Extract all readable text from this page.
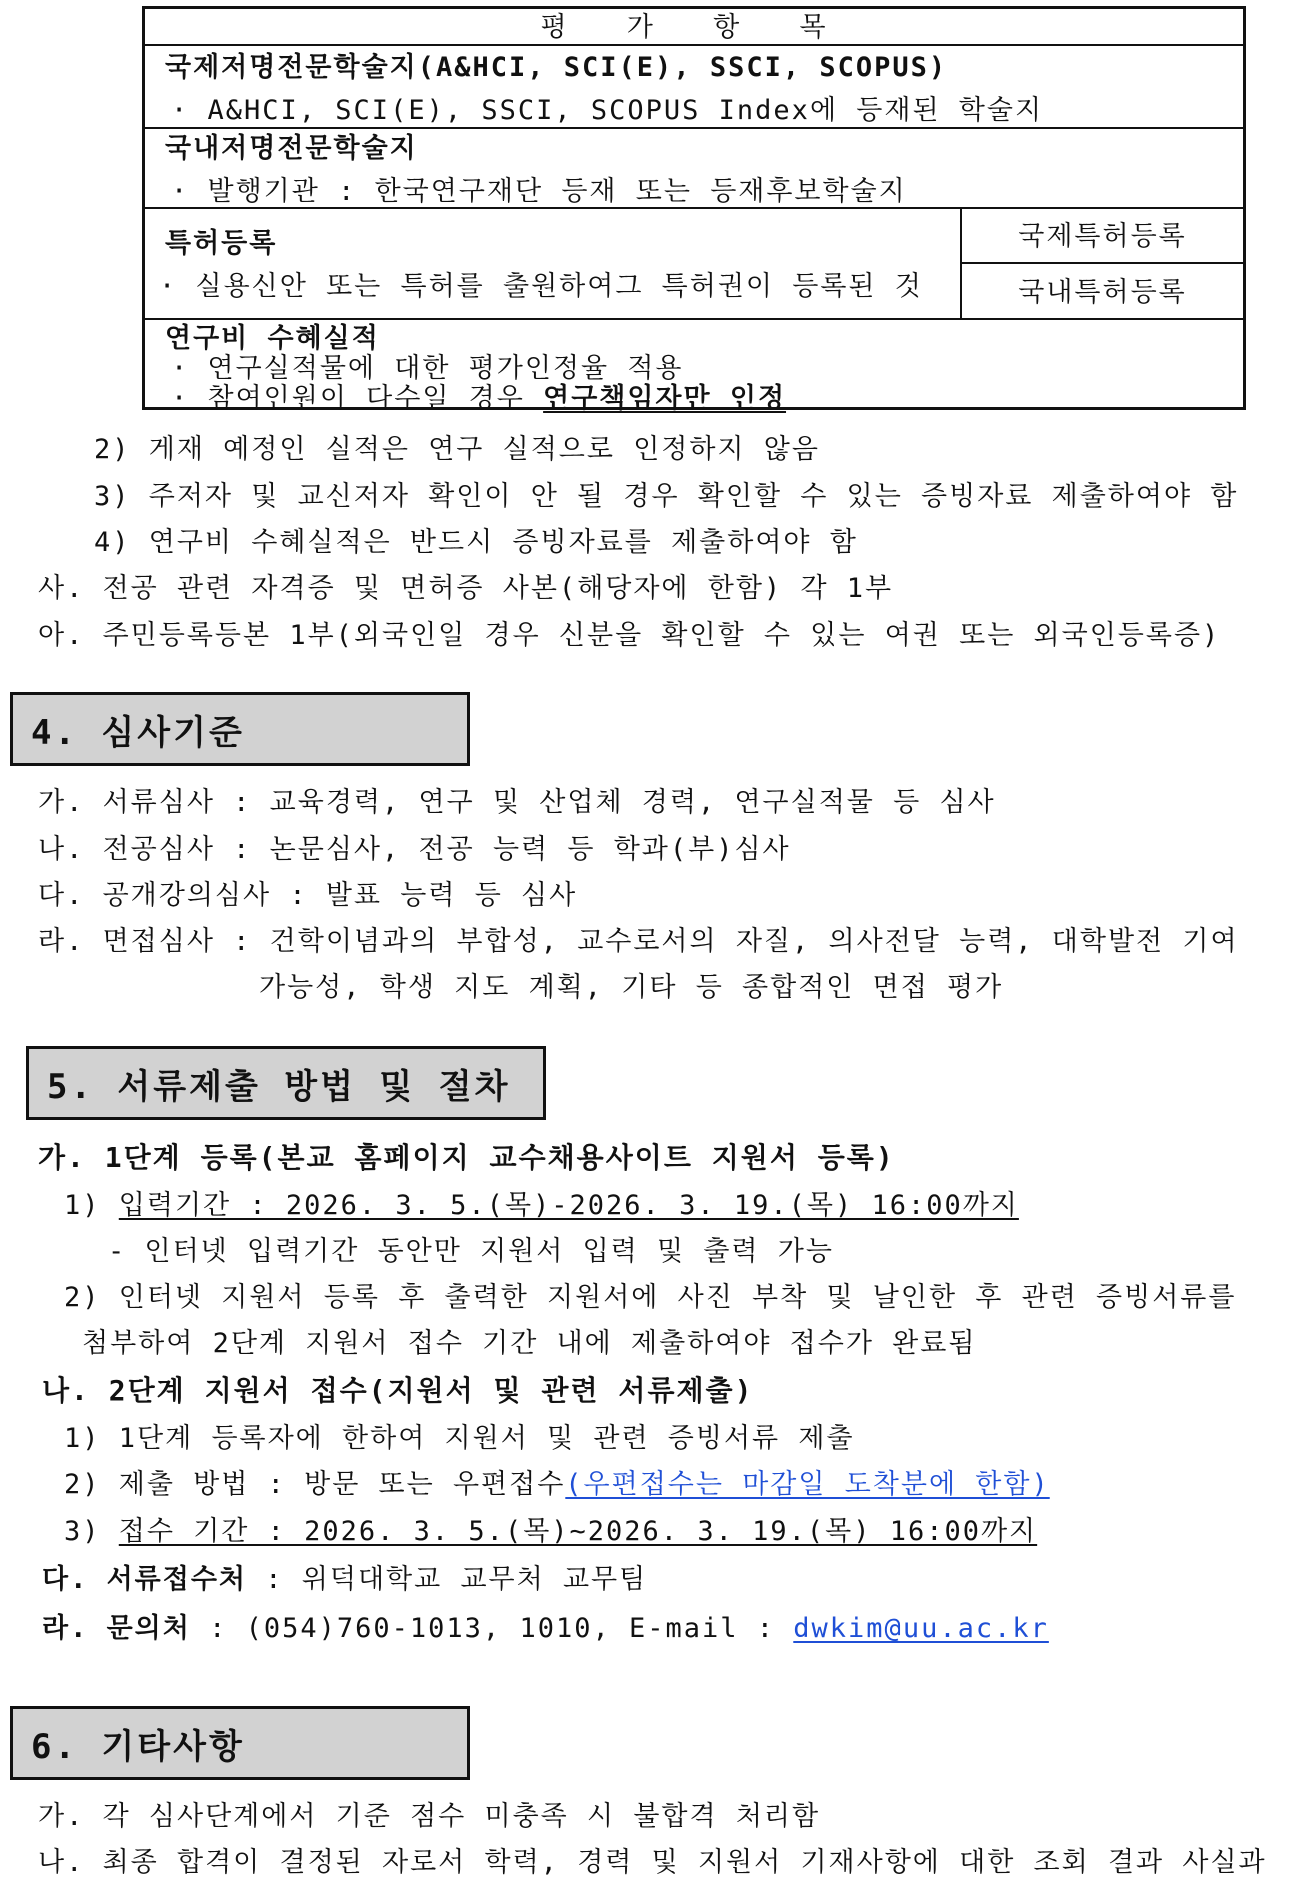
평 가 항 목
국제저명전문학술지(A&HCI, SCI(E), SSCI, SCOPUS)
· A&HCI, SCI(E), SSCI, SCOPUS Index에 등재된 학술지
국내저명전문학술지
· 발행기관 : 한국연구재단 등재 또는 등재후보학술지
특허등록
· 실용신안 또는 특허를 출원하여그 특허권이 등록된 것
국제특허등록
국내특허등록
연구비 수혜실적
· 연구실적물에 대한 평가인정율 적용
· 참여인원이 다수일 경우 연구책임자만 인정
2) 게재 예정인 실적은 연구 실적으로 인정하지 않음
3) 주저자 및 교신저자 확인이 안 될 경우 확인할 수 있는 증빙자료 제출하여야 함
4) 연구비 수혜실적은 반드시 증빙자료를 제출하여야 함
사. 전공 관련 자격증 및 면허증 사본(해당자에 한함) 각 1부
아. 주민등록등본 1부(외국인일 경우 신분을 확인할 수 있는 여권 또는 외국인등록증)
4. 심사기준
가. 서류심사 : 교육경력, 연구 및 산업체 경력, 연구실적물 등 심사
나. 전공심사 : 논문심사, 전공 능력 등 학과(부)심사
다. 공개강의심사 : 발표 능력 등 심사
라. 면접심사 : 건학이념과의 부합성, 교수로서의 자질, 의사전달 능력, 대학발전 기여
가능성, 학생 지도 계획, 기타 등 종합적인 면접 평가
5. 서류제출 방법 및 절차
가. 1단계 등록(본교 홈페이지 교수채용사이트 지원서 등록)
1) 입력기간 : 2026. 3. 5.(목)-2026. 3. 19.(목) 16:00까지
- 인터넷 입력기간 동안만 지원서 입력 및 출력 가능
2) 인터넷 지원서 등록 후 출력한 지원서에 사진 부착 및 날인한 후 관련 증빙서류를
첨부하여 2단계 지원서 접수 기간 내에 제출하여야 접수가 완료됨
나. 2단계 지원서 접수(지원서 및 관련 서류제출)
1) 1단계 등록자에 한하여 지원서 및 관련 증빙서류 제출
2) 제출 방법 : 방문 또는 우편접수(우편접수는 마감일 도착분에 한함)
3) 접수 기간 : 2026. 3. 5.(목)~2026. 3. 19.(목) 16:00까지
다. 서류접수처 : 위덕대학교 교무처 교무팀
라. 문의처 : (054)760-1013, 1010, E-mail : dwkim@uu.ac.kr
6. 기타사항
가. 각 심사단계에서 기준 점수 미충족 시 불합격 처리함
나. 최종 합격이 결정된 자로서 학력, 경력 및 지원서 기재사항에 대한 조회 결과 사실과
